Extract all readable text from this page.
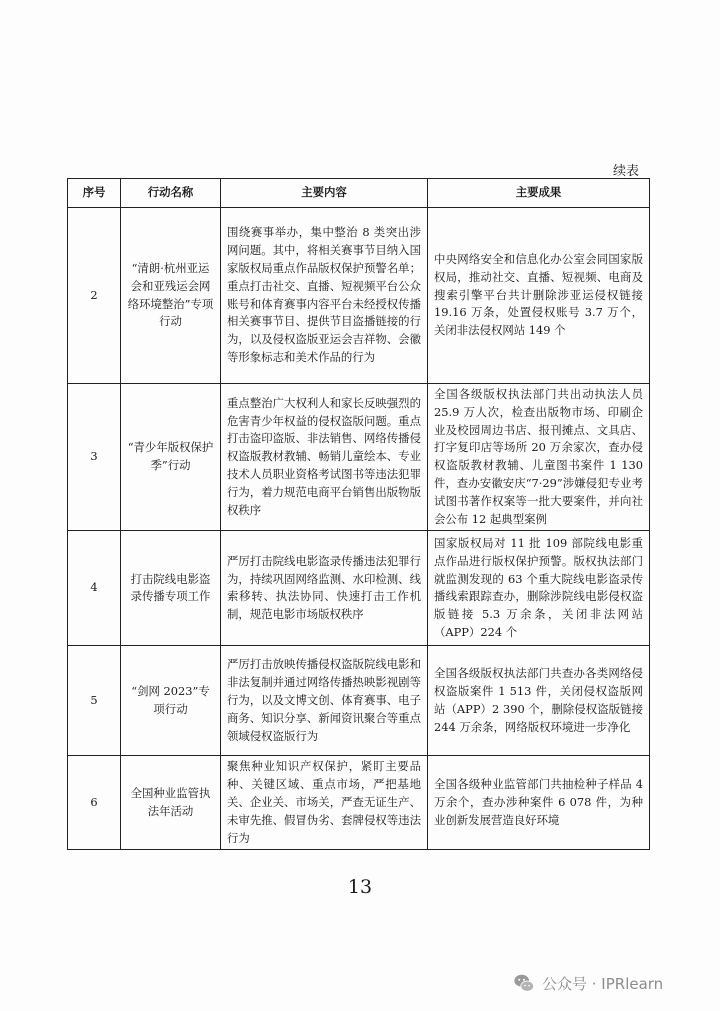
续表
序号	行动名称	主要内容	主要成果
2	“清朗·杭州亚运会和亚残运会网络环境整治”专项行动	围绕赛事举办，集中整治 8 类突出涉网问题。其中，将相关赛事节目纳入国家版权局重点作品版权保护预警名单；重点打击社交、直播、短视频平台公众账号和体育赛事内容平台未经授权传播相关赛事节目、提供节目盗播链接的行为，以及侵权盗版亚运会吉祥物、会徽等形象标志和美术作品的行为	中央网络安全和信息化办公室会同国家版权局，推动社交、直播、短视频、电商及搜索引擎平台共计删除涉亚运侵权链接 19.16 万条，处置侵权账号 3.7 万个，关闭非法侵权网站 149 个
3	“青少年版权保护季”行动	重点整治广大权利人和家长反映强烈的危害青少年权益的侵权盗版问题。重点打击盗印盗版、非法销售、网络传播侵权盗版教材教辅、畅销儿童绘本、专业技术人员职业资格考试图书等违法犯罪行为，着力规范电商平台销售出版物版权秩序	全国各级版权执法部门共出动执法人员 25.9 万人次，检查出版物市场、印刷企业及校园周边书店、报刊摊点、文具店、打字复印店等场所 20 万余家次，查办侵权盗版教材教辅、儿童图书案件 1 130 件，查办安徽安庆“7·29”涉嫌侵犯专业考试图书著作权案等一批大要案件，并向社会公布 12 起典型案例
4	打击院线电影盗录传播专项工作	严厉打击院线电影盗录传播违法犯罪行为，持续巩固网络监测、水印检测、线索移转、执法协同、快速打击工作机制，规范电影市场版权秩序	国家版权局对 11 批 109 部院线电影重点作品进行版权保护预警。版权执法部门就监测发现的 63 个重大院线电影盗录传播线索跟踪查办，删除涉院线电影侵权盗版链接 5.3 万余条，关闭非法网站（APP）224 个
5	“剑网 2023”专项行动	严厉打击放映传播侵权盗版院线电影和非法复制并通过网络传播热映影视剧等行为，以及文博文创、体育赛事、电子商务、知识分享、新闻资讯聚合等重点领域侵权盗版行为	全国各级版权执法部门共查办各类网络侵权盗版案件 1 513 件，关闭侵权盗版网站（APP）2 390 个，删除侵权盗版链接 244 万余条，网络版权环境进一步净化
6	全国种业监管执法年活动	聚焦种业知识产权保护，紧盯主要品种、关键区域、重点市场，严把基地关、企业关、市场关，严查无证生产、未审先推、假冒伪劣、套牌侵权等违法行为	全国各级种业监管部门共抽检种子样品 4 万余个，查办涉种案件 6 078 件，为种业创新发展营造良好环境
13
公众号 · IPRlearn
